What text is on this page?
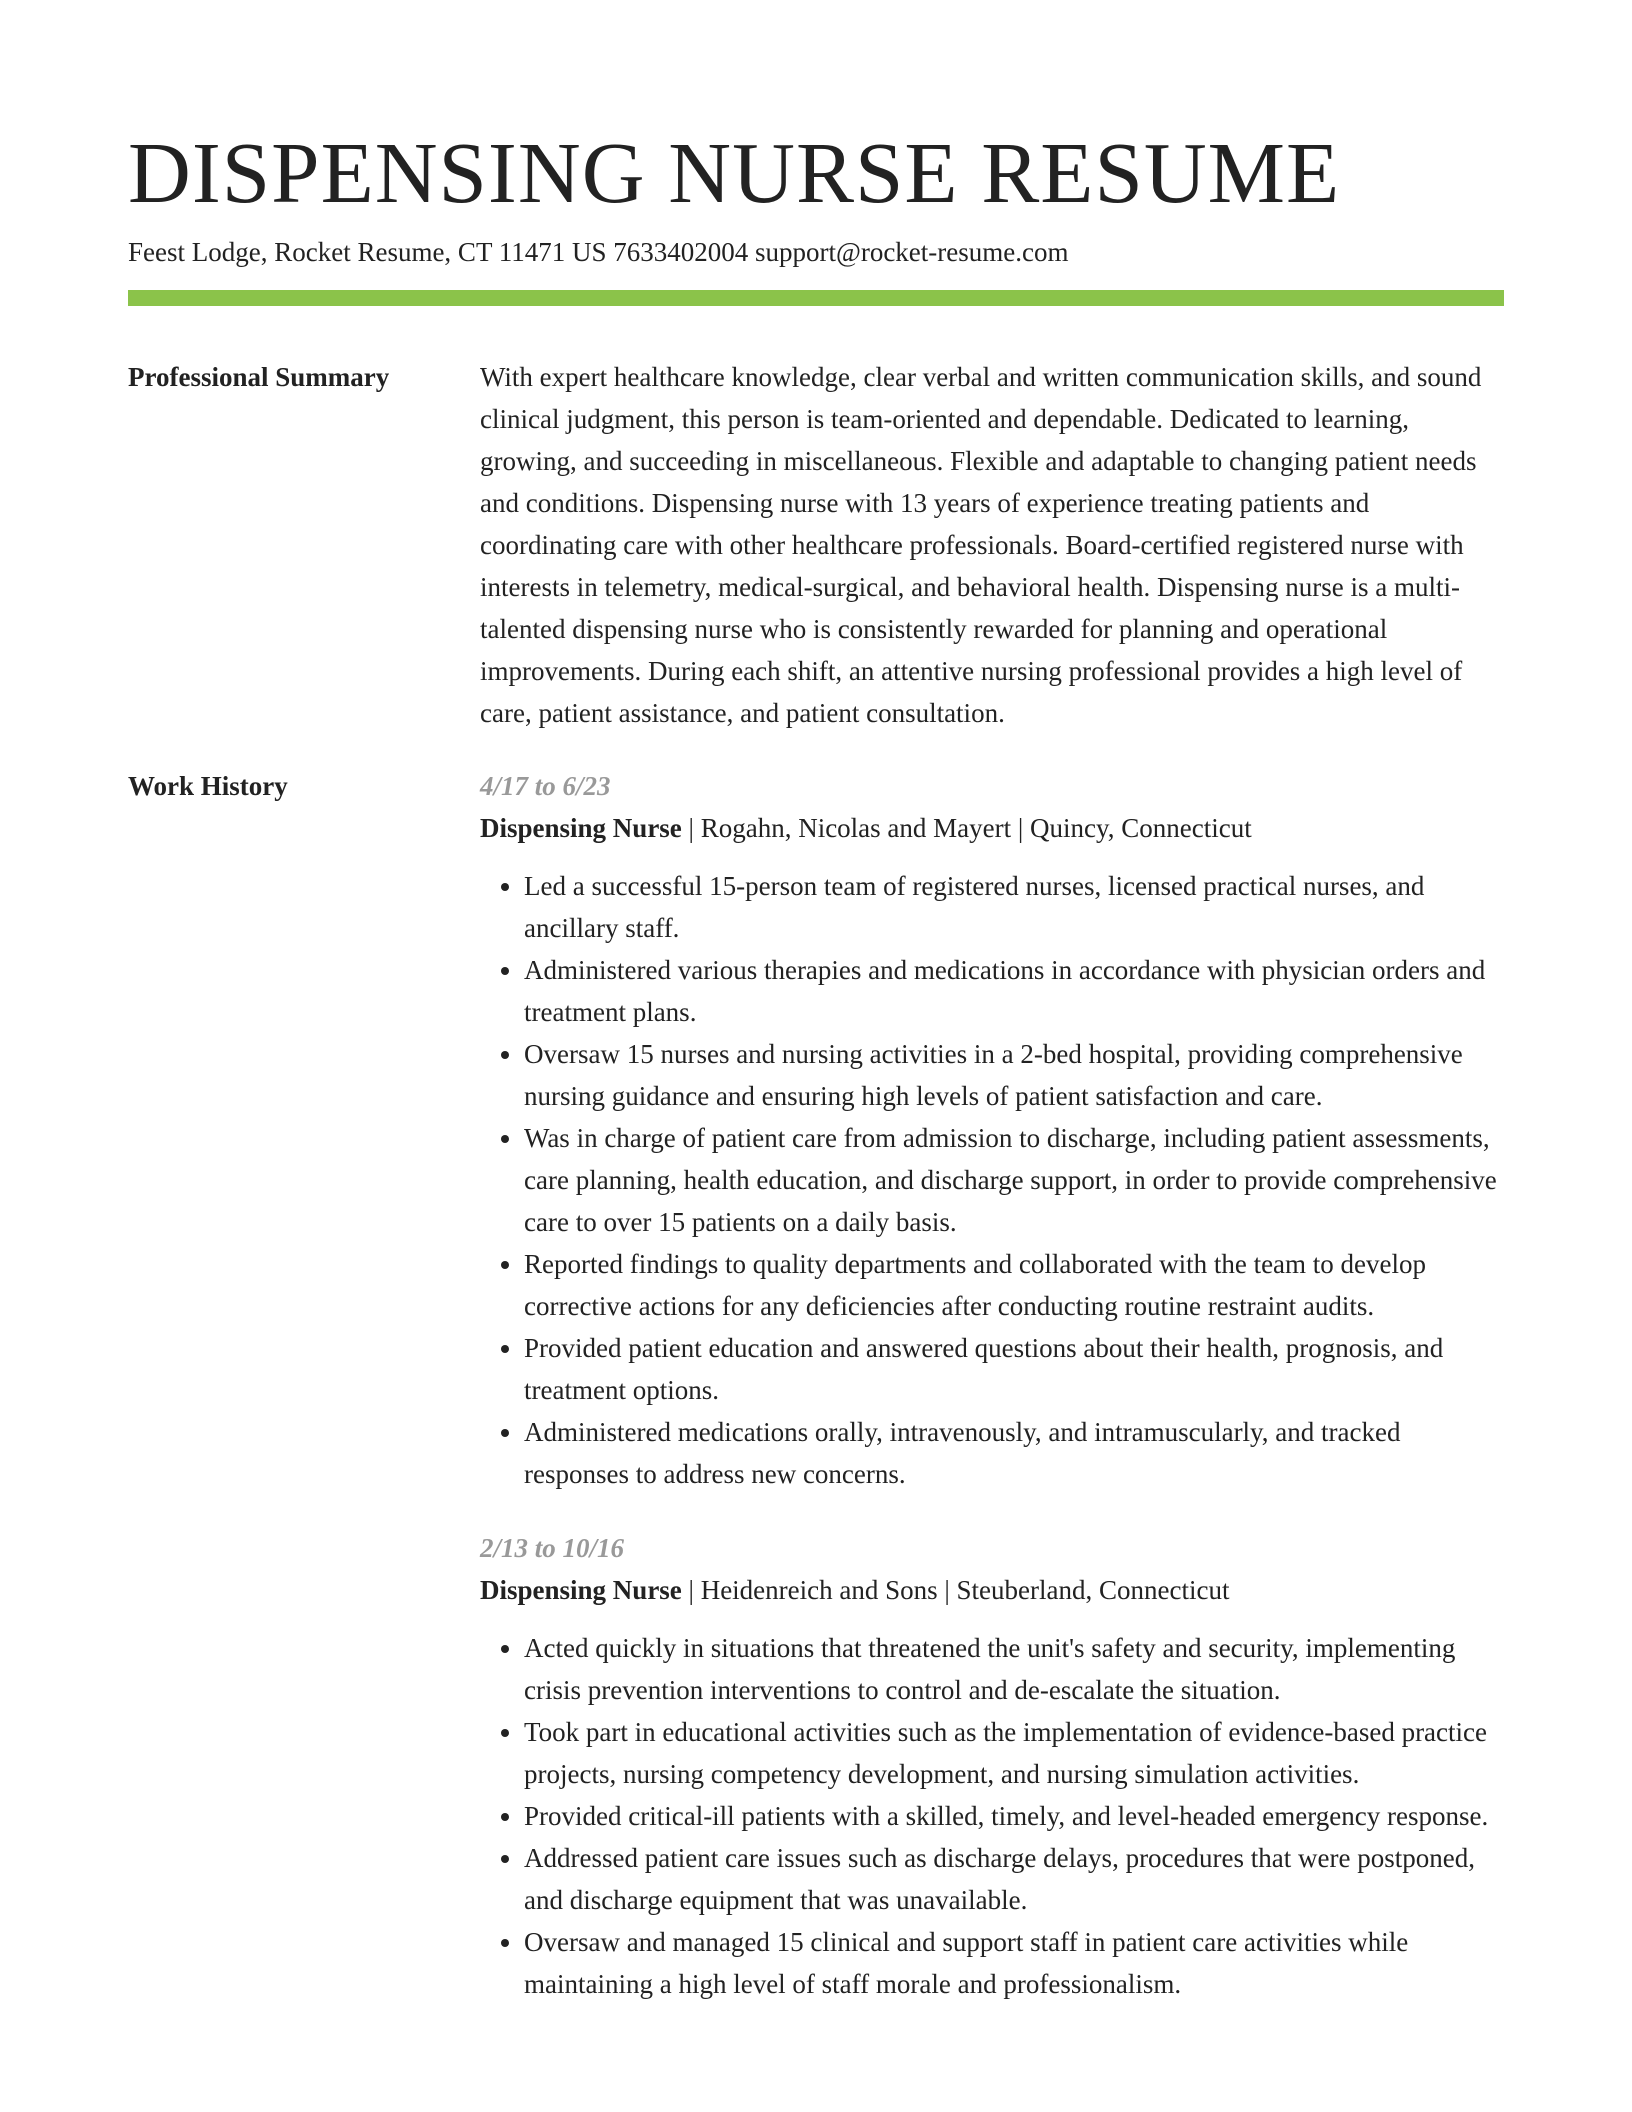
DISPENSING NURSE RESUME
Feest Lodge, Rocket Resume, CT 11471 US 7633402004 support@rocket-resume.com
Professional Summary	With expert healthcare knowledge, clear verbal and written communication skills, and sound clinical judgment, this person is team-oriented and dependable. Dedicated to learning, growing, and succeeding in miscellaneous. Flexible and adaptable to changing patient needs and conditions. Dispensing nurse with 13 years of experience treating patients and coordinating care with other healthcare professionals. Board-certified registered nurse with interests in telemetry, medical-surgical, and behavioral health. Dispensing nurse is a multi-talented dispensing nurse who is consistently rewarded for planning and operational improvements. During each shift, an attentive nursing professional provides a high level of care, patient assistance, and patient consultation.
Work History	4/17 to 6/23
Dispensing Nurse | Rogahn, Nicolas and Mayert | Quincy, Connecticut
• Led a successful 15-person team of registered nurses, licensed practical nurses, and ancillary staff.
• Administered various therapies and medications in accordance with physician orders and treatment plans.
• Oversaw 15 nurses and nursing activities in a 2-bed hospital, providing comprehensive nursing guidance and ensuring high levels of patient satisfaction and care.
• Was in charge of patient care from admission to discharge, including patient assessments, care planning, health education, and discharge support, in order to provide comprehensive care to over 15 patients on a daily basis.
• Reported findings to quality departments and collaborated with the team to develop corrective actions for any deficiencies after conducting routine restraint audits.
• Provided patient education and answered questions about their health, prognosis, and treatment options.
• Administered medications orally, intravenously, and intramuscularly, and tracked responses to address new concerns.
2/13 to 10/16
Dispensing Nurse | Heidenreich and Sons | Steuberland, Connecticut
• Acted quickly in situations that threatened the unit's safety and security, implementing crisis prevention interventions to control and de-escalate the situation.
• Took part in educational activities such as the implementation of evidence-based practice projects, nursing competency development, and nursing simulation activities.
• Provided critical-ill patients with a skilled, timely, and level-headed emergency response.
• Addressed patient care issues such as discharge delays, procedures that were postponed, and discharge equipment that was unavailable.
• Oversaw and managed 15 clinical and support staff in patient care activities while maintaining a high level of staff morale and professionalism.
